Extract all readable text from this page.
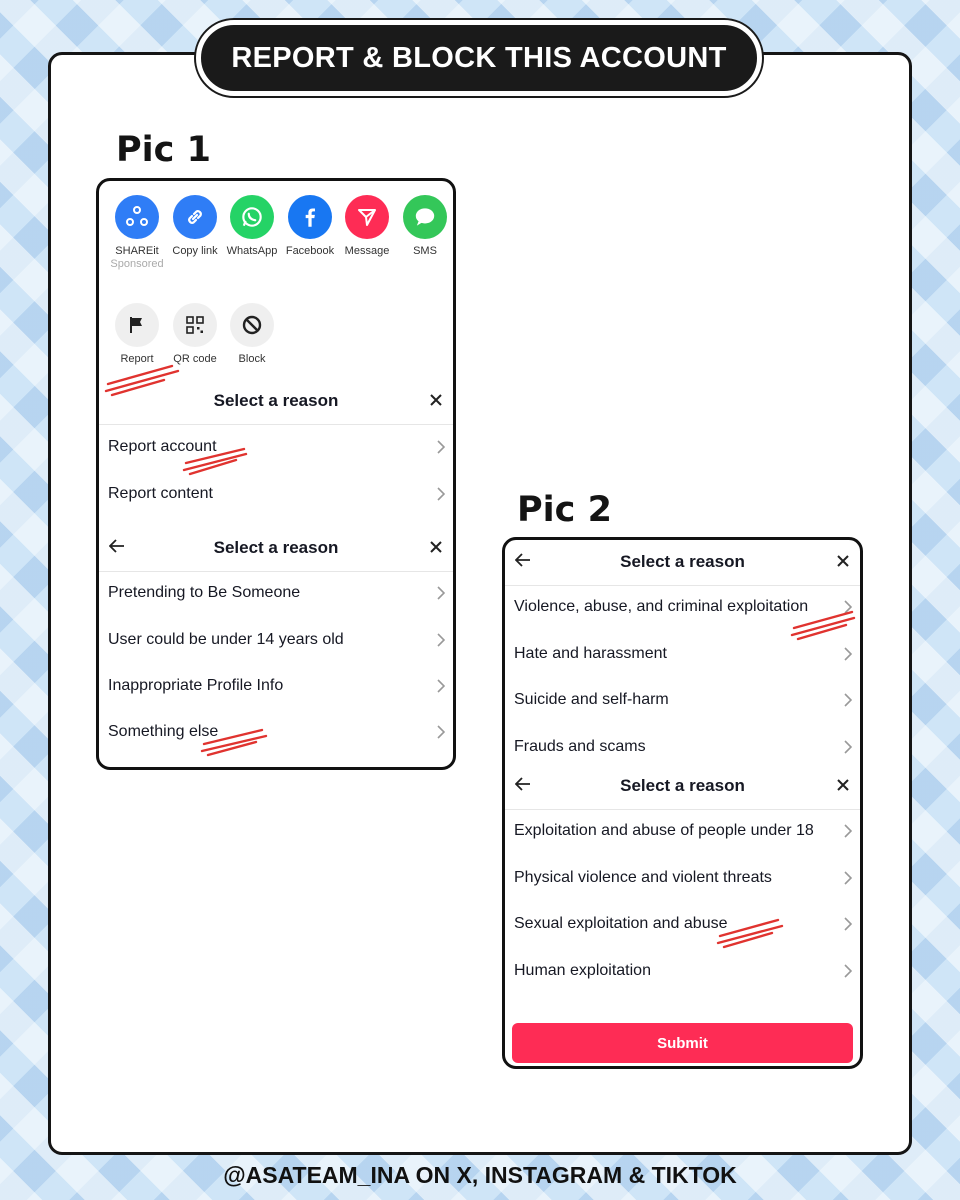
REPORT & BLOCK THIS ACCOUNT
Pic 1
SHAREit
Sponsored
Copy link WhatsApp Facebook Message	SMS
Report	QR code	Block
Select a reason
Report account
Report content
Select a reason
Pretending to Be Someone
User could be under 14 years old
Inappropriate Profile Info
Something else
Pic 2
Select a reason
Violence, abuse, and criminal exploitation
Hate and harassment
Suicide and self-harm
Frauds and scams
Select a reason
Exploitation and abuse of people under 18
Physical violence and violent threats
Sexual exploitation and abuse
Human exploitation
Submit
@ASATEAM_INA ON X, INSTAGRAM & TIKTOK
